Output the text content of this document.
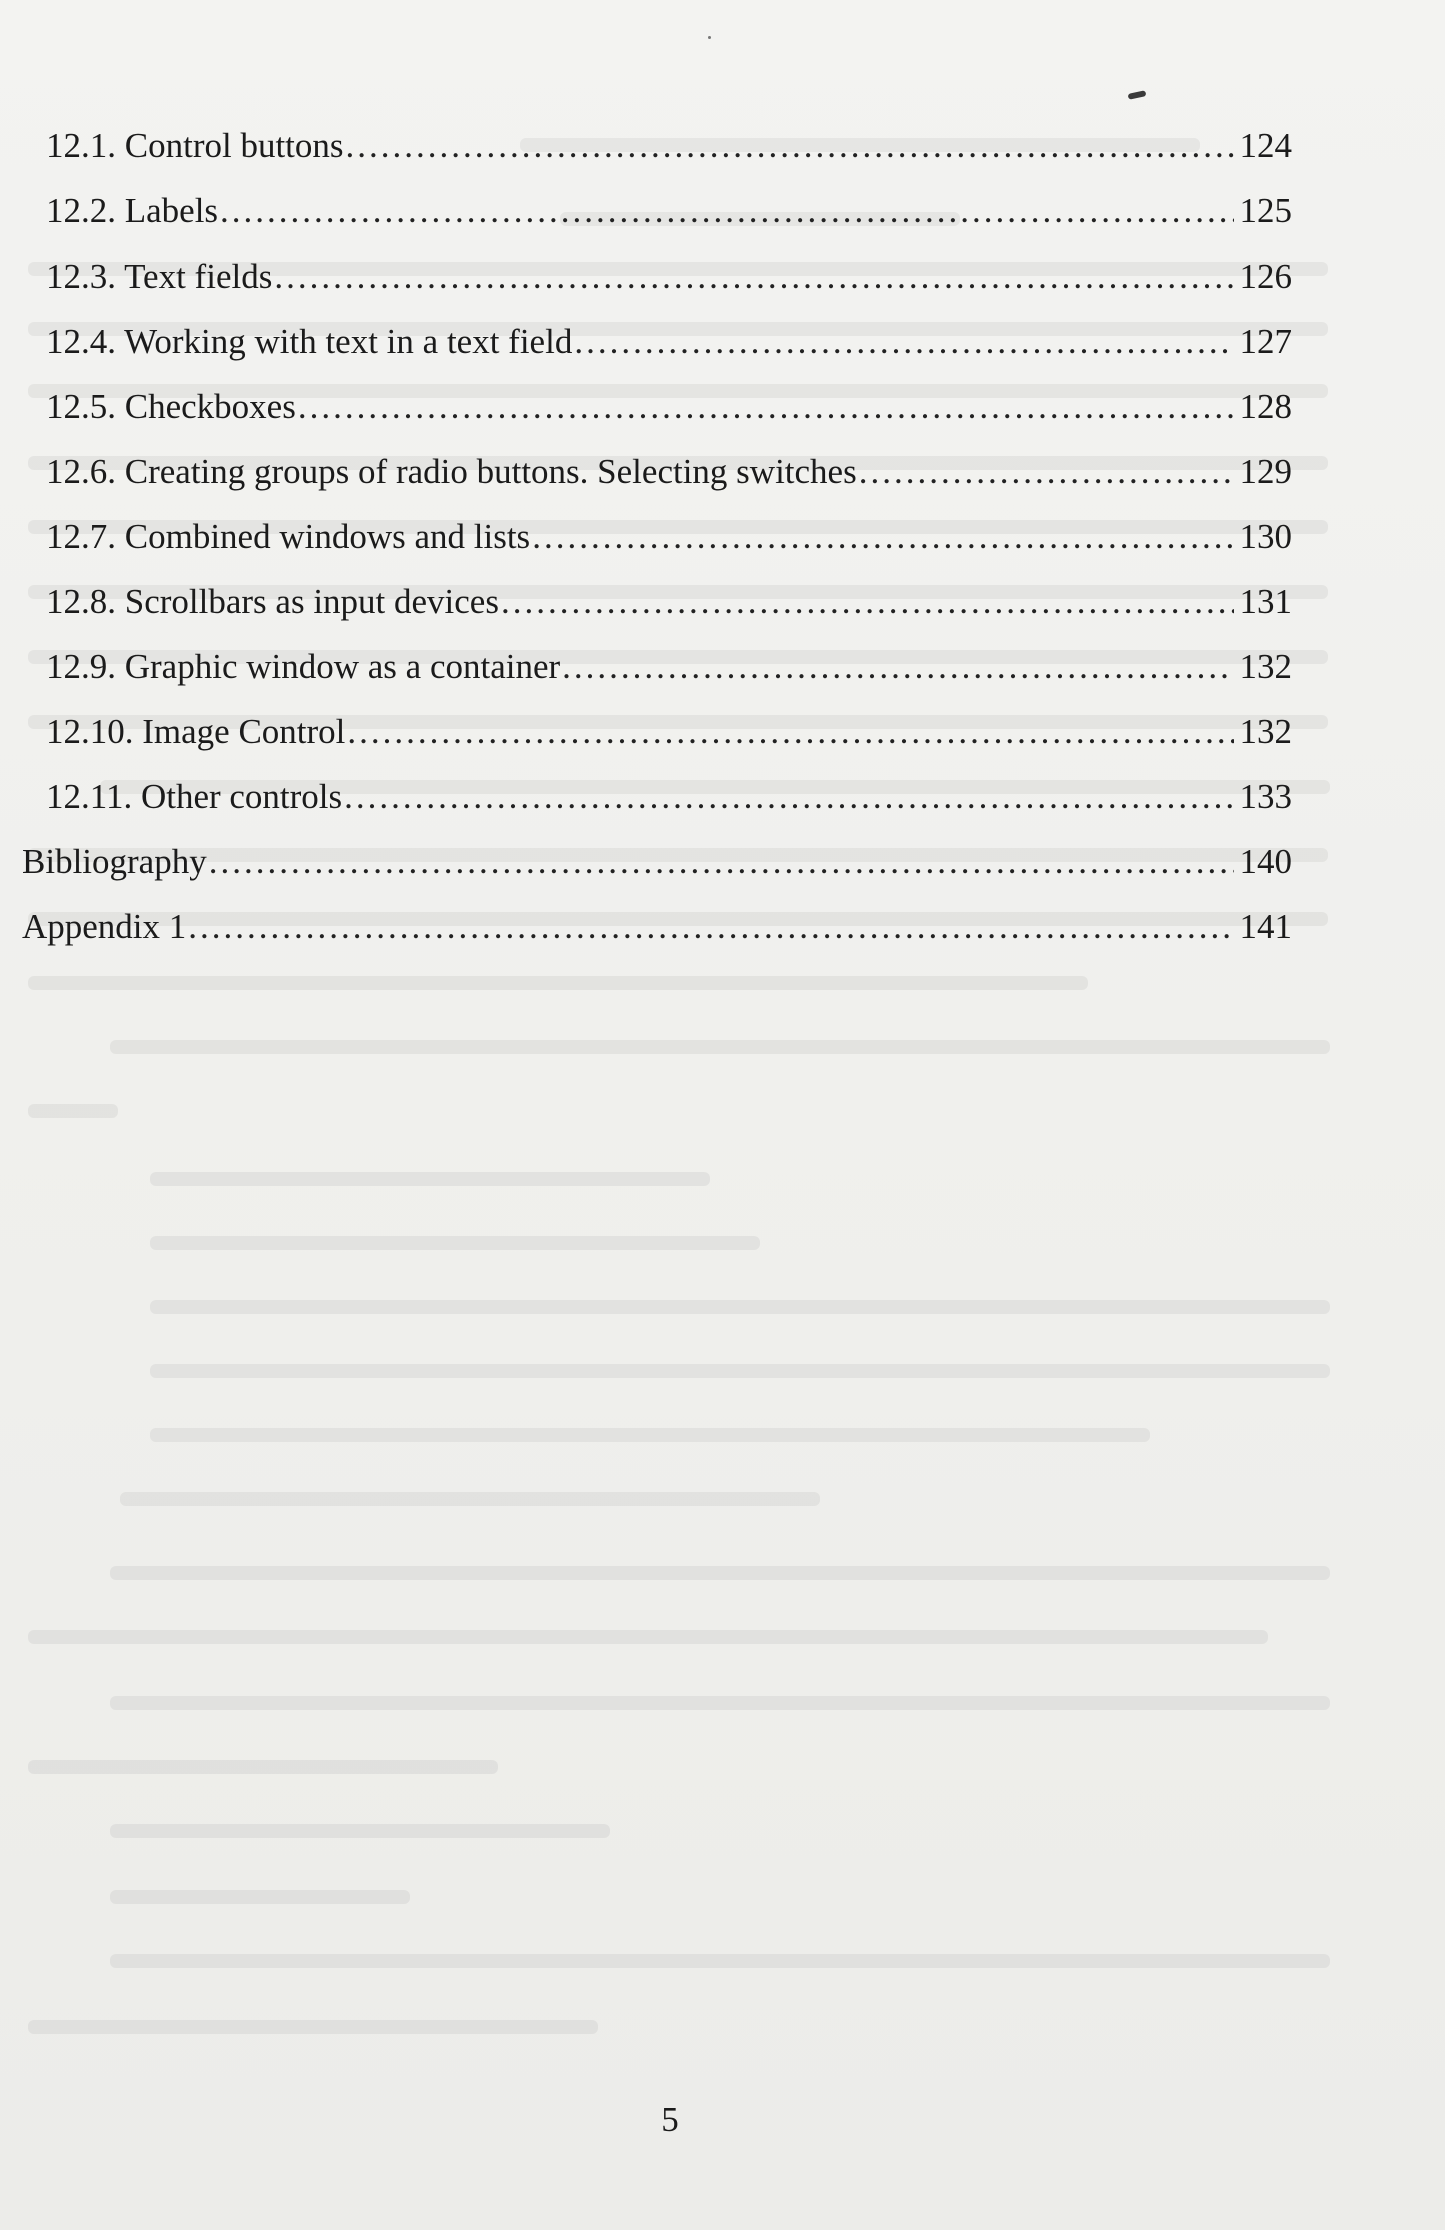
12.1. Control buttons .....	124
12.2. Labels .....	125
12.3. Text fields .....	126
12.4. Working with text in a text field .....	127
12.5. Checkboxes .....	128
12.6. Creating groups of radio buttons. Selecting switches .....	129
12.7. Combined windows and lists .....	130
12.8. Scrollbars as input devices .....	131
12.9. Graphic window as a container .....	132
12.10. Image Control .....	132
12.11. Other controls .....	133
Bibliography .....	140
Appendix 1 .....	141
5
